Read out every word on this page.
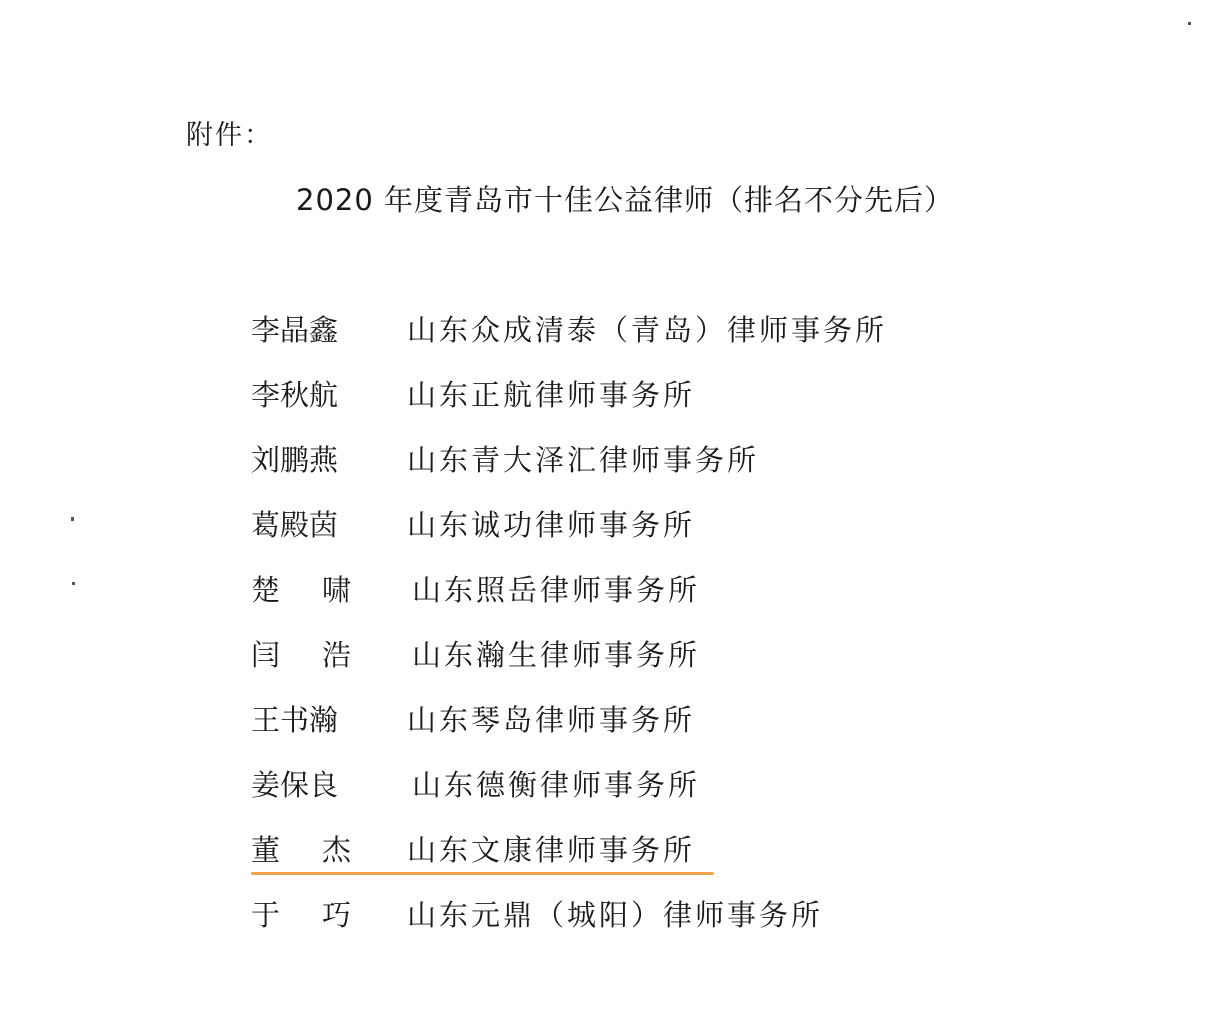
附件：
2020 年度青岛市十佳公益律师（排名不分先后）
李晶鑫	山东众成清泰（青岛）律师事务所
李秋航	山东正航律师事务所
刘鹏燕	山东青大泽汇律师事务所
葛殿茵	山东诚功律师事务所
楚 啸 山东照岳律师事务所
闫 浩 山东瀚生律师事务所
王书瀚	山东琴岛律师事务所
姜保良	山东德衡律师事务所
董 杰 山东文康律师事务所
于 巧 山东元鼎（城阳）律师事务所
